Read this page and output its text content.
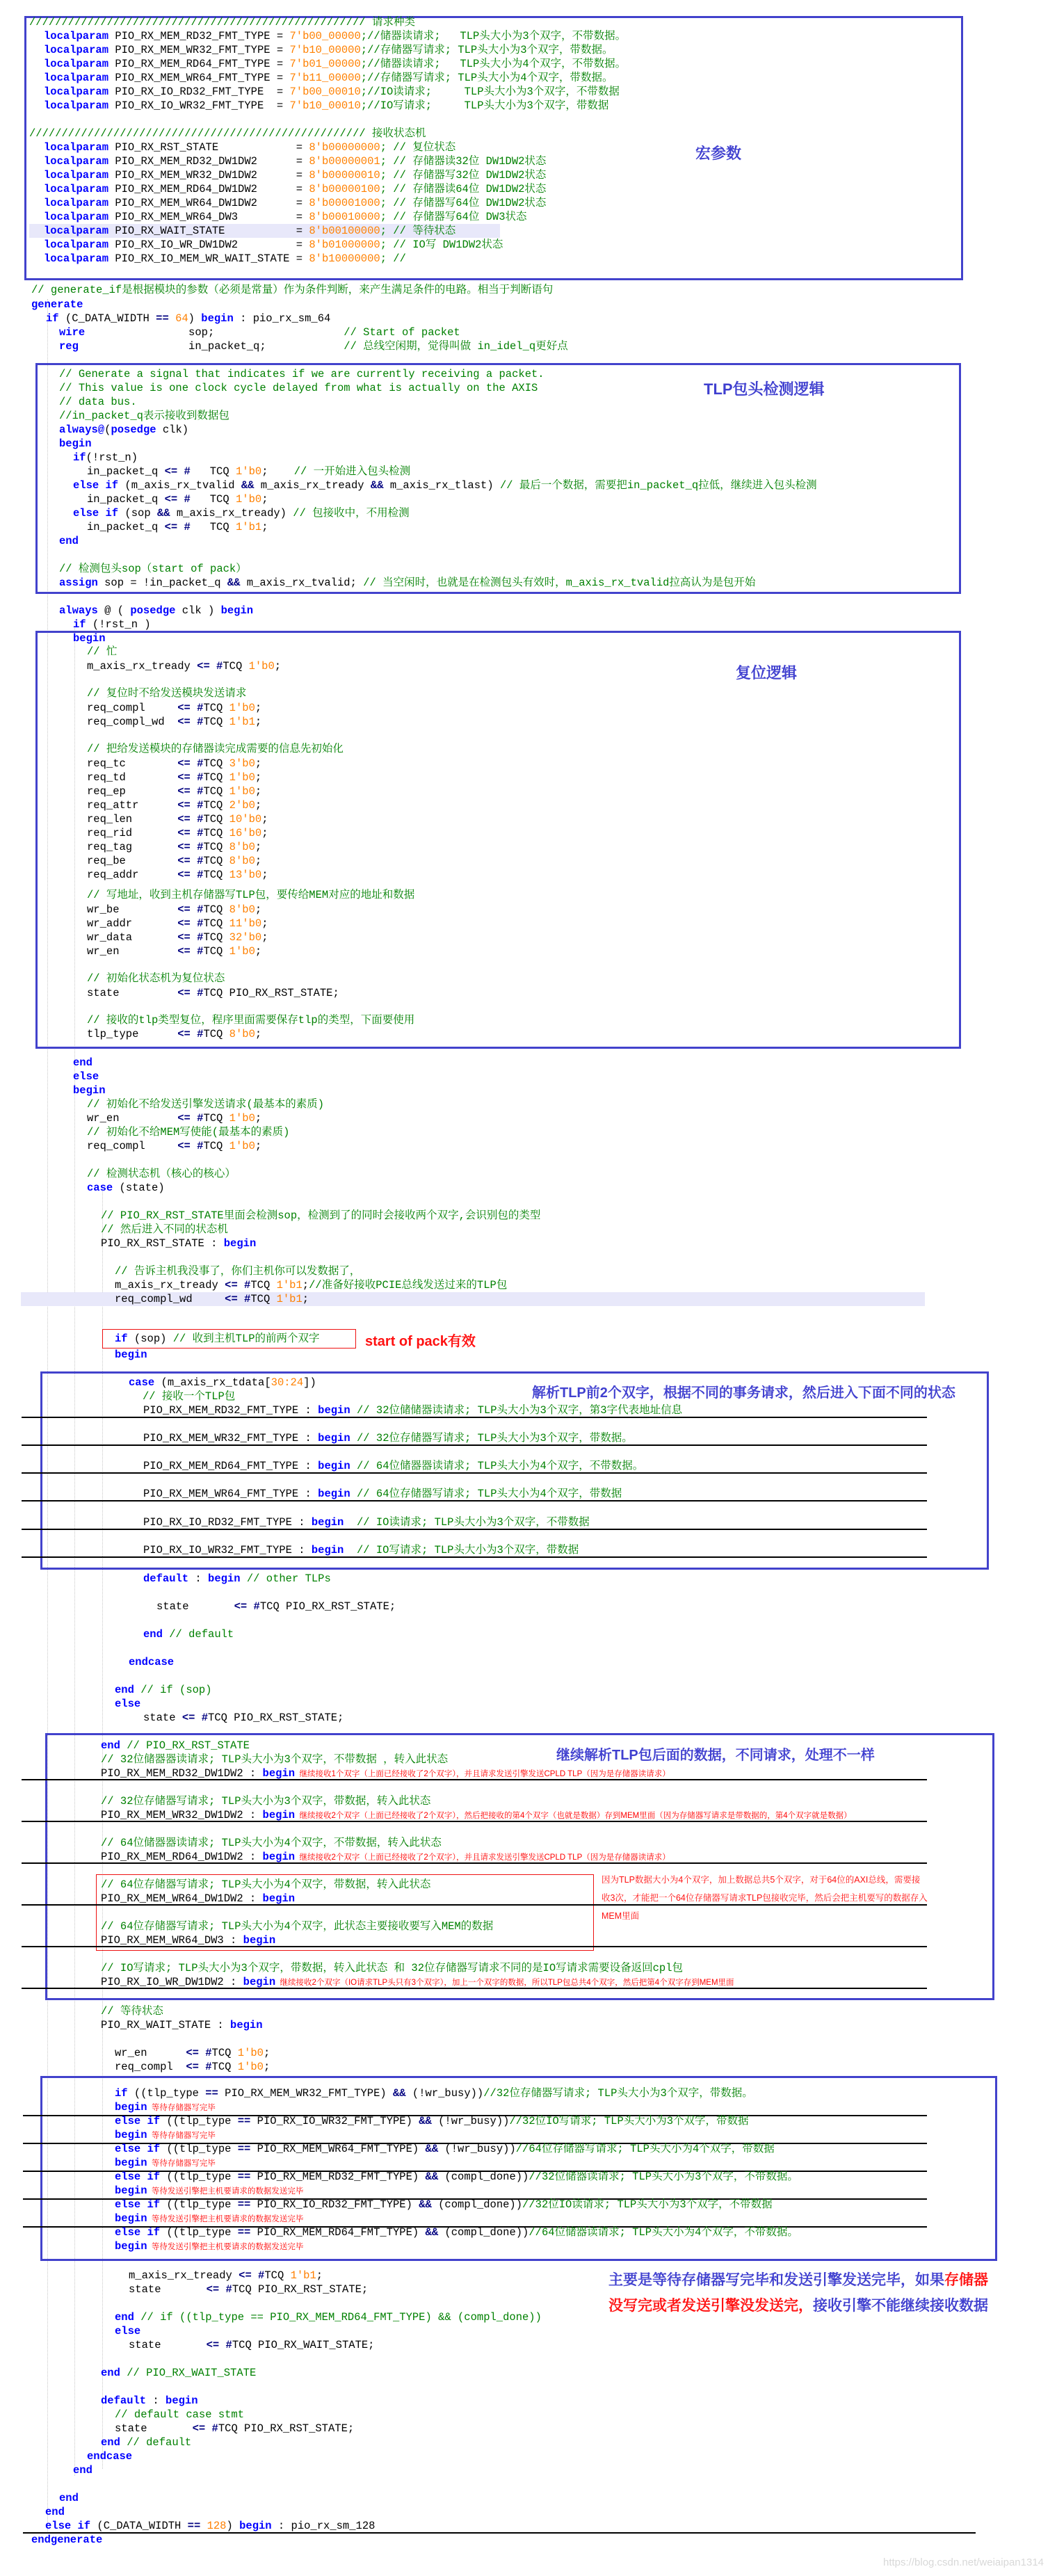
宏参数
TLP包头检测逻辑
复位逻辑
start of pack有效
解析TLP前2个双字，根据不同的事务请求，然后进入下面不同的状态
继续解析TLP包后面的数据，不同请求，处理不一样
因为TLP数据大小为4个双字，加上数据总共5个双字，对于64位的AXI总线，需要接收3次，才能把一个64位存储器写请求TLP包接收完毕，然后会把主机要写的数据存入MEM里面
主要是等待存储器写完毕和发送引擎发送完毕，如果存储器
没写完或者发送引擎没发送完，接收引擎不能继续接收数据
https://blog.csdn.net/weiaipan1314
//////////////////////////////////////////////////// 请求种类
localparam PIO_RX_MEM_RD32_FMT_TYPE = 7'b00_00000;//储器读请求;   TLP头大小为3个双字，不带数据。
localparam PIO_RX_MEM_WR32_FMT_TYPE = 7'b10_00000;//存储器写请求; TLP头大小为3个双字，带数据。
localparam PIO_RX_MEM_RD64_FMT_TYPE = 7'b01_00000;//储器读请求;   TLP头大小为4个双字，不带数据。
localparam PIO_RX_MEM_WR64_FMT_TYPE = 7'b11_00000;//存储器写请求; TLP头大小为4个双字，带数据。
localparam PIO_RX_IO_RD32_FMT_TYPE  = 7'b00_00010;//IO读请求;     TLP头大小为3个双字，不带数据
localparam PIO_RX_IO_WR32_FMT_TYPE  = 7'b10_00010;//IO写请求;     TLP头大小为3个双字，带数据
//////////////////////////////////////////////////// 接收状态机
localparam PIO_RX_RST_STATE            = 8'b00000000; // 复位状态
localparam PIO_RX_MEM_RD32_DW1DW2      = 8'b00000001; // 存储器读32位 DW1DW2状态
localparam PIO_RX_MEM_WR32_DW1DW2      = 8'b00000010; // 存储器写32位 DW1DW2状态
localparam PIO_RX_MEM_RD64_DW1DW2      = 8'b00000100; // 存储器读64位 DW1DW2状态
localparam PIO_RX_MEM_WR64_DW1DW2      = 8'b00001000; // 存储器写64位 DW1DW2状态
localparam PIO_RX_MEM_WR64_DW3         = 8'b00010000; // 存储器写64位 DW3状态
localparam PIO_RX_WAIT_STATE           = 8'b00100000; // 等待状态
localparam PIO_RX_IO_WR_DW1DW2         = 8'b01000000; // IO写 DW1DW2状态
localparam PIO_RX_IO_MEM_WR_WAIT_STATE = 8'b10000000; //
// generate_if是根据模块的参数（必须是常量）作为条件判断，来产生满足条件的电路。相当于判断语句
generate
if (C_DATA_WIDTH == 64) begin : pio_rx_sm_64
wire                sop;                    // Start of packet
reg                 in_packet_q;            // 总线空闲期，觉得叫做 in_idel_q更好点
// Generate a signal that indicates if we are currently receiving a packet.
// This value is one clock cycle delayed from what is actually on the AXIS
// data bus.
//in_packet_q表示接收到数据包
always@(posedge clk)
begin
if(!rst_n)
in_packet_q <= #   TCQ 1'b0;    // 一开始进入包头检测
else if (m_axis_rx_tvalid && m_axis_rx_tready && m_axis_rx_tlast) // 最后一个数据，需要把in_packet_q拉低，继续进入包头检测
in_packet_q <= #   TCQ 1'b0;
else if (sop && m_axis_rx_tready) // 包接收中，不用检测
in_packet_q <= #   TCQ 1'b1;
end
// 检测包头sop（start of pack）
assign sop = !in_packet_q && m_axis_rx_tvalid; // 当空闲时，也就是在检测包头有效时，m_axis_rx_tvalid拉高认为是包开始
always @ ( posedge clk ) begin
if (!rst_n )
begin
// 忙
m_axis_rx_tready <= #TCQ 1'b0;
// 复位时不给发送模块发送请求
req_compl     <= #TCQ 1'b0;
req_compl_wd  <= #TCQ 1'b1;
// 把给发送模块的存储器读完成需要的信息先初始化
req_tc        <= #TCQ 3'b0;
req_td        <= #TCQ 1'b0;
req_ep        <= #TCQ 1'b0;
req_attr      <= #TCQ 2'b0;
req_len       <= #TCQ 10'b0;
req_rid       <= #TCQ 16'b0;
req_tag       <= #TCQ 8'b0;
req_be        <= #TCQ 8'b0;
req_addr      <= #TCQ 13'b0;
// 写地址，收到主机存储器写TLP包，要传给MEM对应的地址和数据
wr_be         <= #TCQ 8'b0;
wr_addr       <= #TCQ 11'b0;
wr_data       <= #TCQ 32'b0;
wr_en         <= #TCQ 1'b0;
// 初始化状态机为复位状态
state         <= #TCQ PIO_RX_RST_STATE;
// 接收的tlp类型复位，程序里面需要保存tlp的类型，下面要使用
tlp_type      <= #TCQ 8'b0;
end
else
begin
// 初始化不给发送引擎发送请求(最基本的素质)
wr_en         <= #TCQ 1'b0;
// 初始化不给MEM写使能(最基本的素质)
req_compl     <= #TCQ 1'b0;
// 检测状态机（核心的核心）
case (state)
// PIO_RX_RST_STATE里面会检测sop，检测到了的同时会接收两个双字,会识别包的类型
// 然后进入不同的状态机
PIO_RX_RST_STATE : begin
// 告诉主机我没事了，你们主机你可以发数据了，
m_axis_rx_tready <= #TCQ 1'b1;//准备好接收PCIE总线发送过来的TLP包
req_compl_wd     <= #TCQ 1'b1;
if (sop) // 收到主机TLP的前两个双字
begin
case (m_axis_rx_tdata[30:24])
// 接收一个TLP包
PIO_RX_MEM_RD32_FMT_TYPE : begin // 32位储储器读请求; TLP头大小为3个双字，第3字代表地址信息
PIO_RX_MEM_WR32_FMT_TYPE : begin // 32位存储器写请求; TLP头大小为3个双字，带数据。
PIO_RX_MEM_RD64_FMT_TYPE : begin // 64位储器器读请求; TLP头大小为4个双字，不带数据。
PIO_RX_MEM_WR64_FMT_TYPE : begin // 64位存储器写请求; TLP头大小为4个双字，带数据
PIO_RX_IO_RD32_FMT_TYPE : begin // IO读请求; TLP头大小为3个双字，不带数据
PIO_RX_IO_WR32_FMT_TYPE : begin // IO写请求; TLP头大小为3个双字，带数据
default : begin // other TLPs
state       <= #TCQ PIO_RX_RST_STATE;
end // default
endcase
end // if (sop)
else
state <= #TCQ PIO_RX_RST_STATE;
end // PIO_RX_RST_STATE
// 32位储器器读请求; TLP头大小为3个双字，不带数据 ，转入此状态
PIO_RX_MEM_RD32_DW1DW2 : begin  继续接收1个双字（上面已经接收了2个双字），并且请求发送引擎发送CPLD TLP（因为是存储器读请求）
// 32位存储器写请求; TLP头大小为3个双字，带数据，转入此状态
PIO_RX_MEM_WR32_DW1DW2 : begin  继续接收2个双字（上面已经接收了2个双字），然后把接收的第4个双字（也就是数据）存到MEM里面（因为存储器写请求是带数据的，第4个双字就是数据）
// 64位储器器读请求; TLP头大小为4个双字，不带数据，转入此状态
PIO_RX_MEM_RD64_DW1DW2 : begin  继续接收2个双字（上面已经接收了2个双字），并且请求发送引擎发送CPLD TLP（因为是存储器读请求）
// 64位存储器写请求; TLP头大小为4个双字，带数据，转入此状态
PIO_RX_MEM_WR64_DW1DW2 : begin
// 64位存储器写请求; TLP头大小为4个双字，此状态主要接收要写入MEM的数据
PIO_RX_MEM_WR64_DW3 : begin
// IO写请求; TLP头大小为3个双字，带数据，转入此状态 和 32位存储器写请求不同的是IO写请求需要设备返回cpl包
PIO_RX_IO_WR_DW1DW2 : begin  继续接收2个双字（IO请求TLP头只有3个双字），加上一个双字的数据，所以TLP包总共4个双字，然后把第4个双字存到MEM里面
// 等待状态
PIO_RX_WAIT_STATE : begin
wr_en      <= #TCQ 1'b0;
req_compl  <= #TCQ 1'b0;
if ((tlp_type == PIO_RX_MEM_WR32_FMT_TYPE) && (!wr_busy))//32位存储器写请求; TLP头大小为3个双字，带数据。
begin  等待存储器写完毕
else if ((tlp_type == PIO_RX_IO_WR32_FMT_TYPE) && (!wr_busy))//32位IO写请求; TLP头大小为3个双字，带数据
begin  等待存储器写完毕
else if ((tlp_type == PIO_RX_MEM_WR64_FMT_TYPE) && (!wr_busy))//64位存储器写请求; TLP头大小为4个双字，带数据
begin  等待存储器写完毕
else if ((tlp_type == PIO_RX_MEM_RD32_FMT_TYPE) && (compl_done))//32位储器读请求; TLP头大小为3个双字，不带数据。
begin  等待发送引擎把主机要请求的数据发送完毕
else if ((tlp_type == PIO_RX_IO_RD32_FMT_TYPE) && (compl_done))//32位IO读请求; TLP头大小为3个双字，不带数据
begin  等待发送引擎把主机要请求的数据发送完毕
else if ((tlp_type == PIO_RX_MEM_RD64_FMT_TYPE) && (compl_done))//64位储器读请求; TLP头大小为4个双字，不带数据。
begin  等待发送引擎把主机要请求的数据发送完毕
m_axis_rx_tready <= #TCQ 1'b1;
state       <= #TCQ PIO_RX_RST_STATE;
end // if ((tlp_type == PIO_RX_MEM_RD64_FMT_TYPE) && (compl_done))
else
state       <= #TCQ PIO_RX_WAIT_STATE;
end // PIO_RX_WAIT_STATE
default : begin
// default case stmt
state       <= #TCQ PIO_RX_RST_STATE;
end // default
endcase
end
end
end
else if (C_DATA_WIDTH == 128) begin : pio_rx_sm_128
endgenerate
